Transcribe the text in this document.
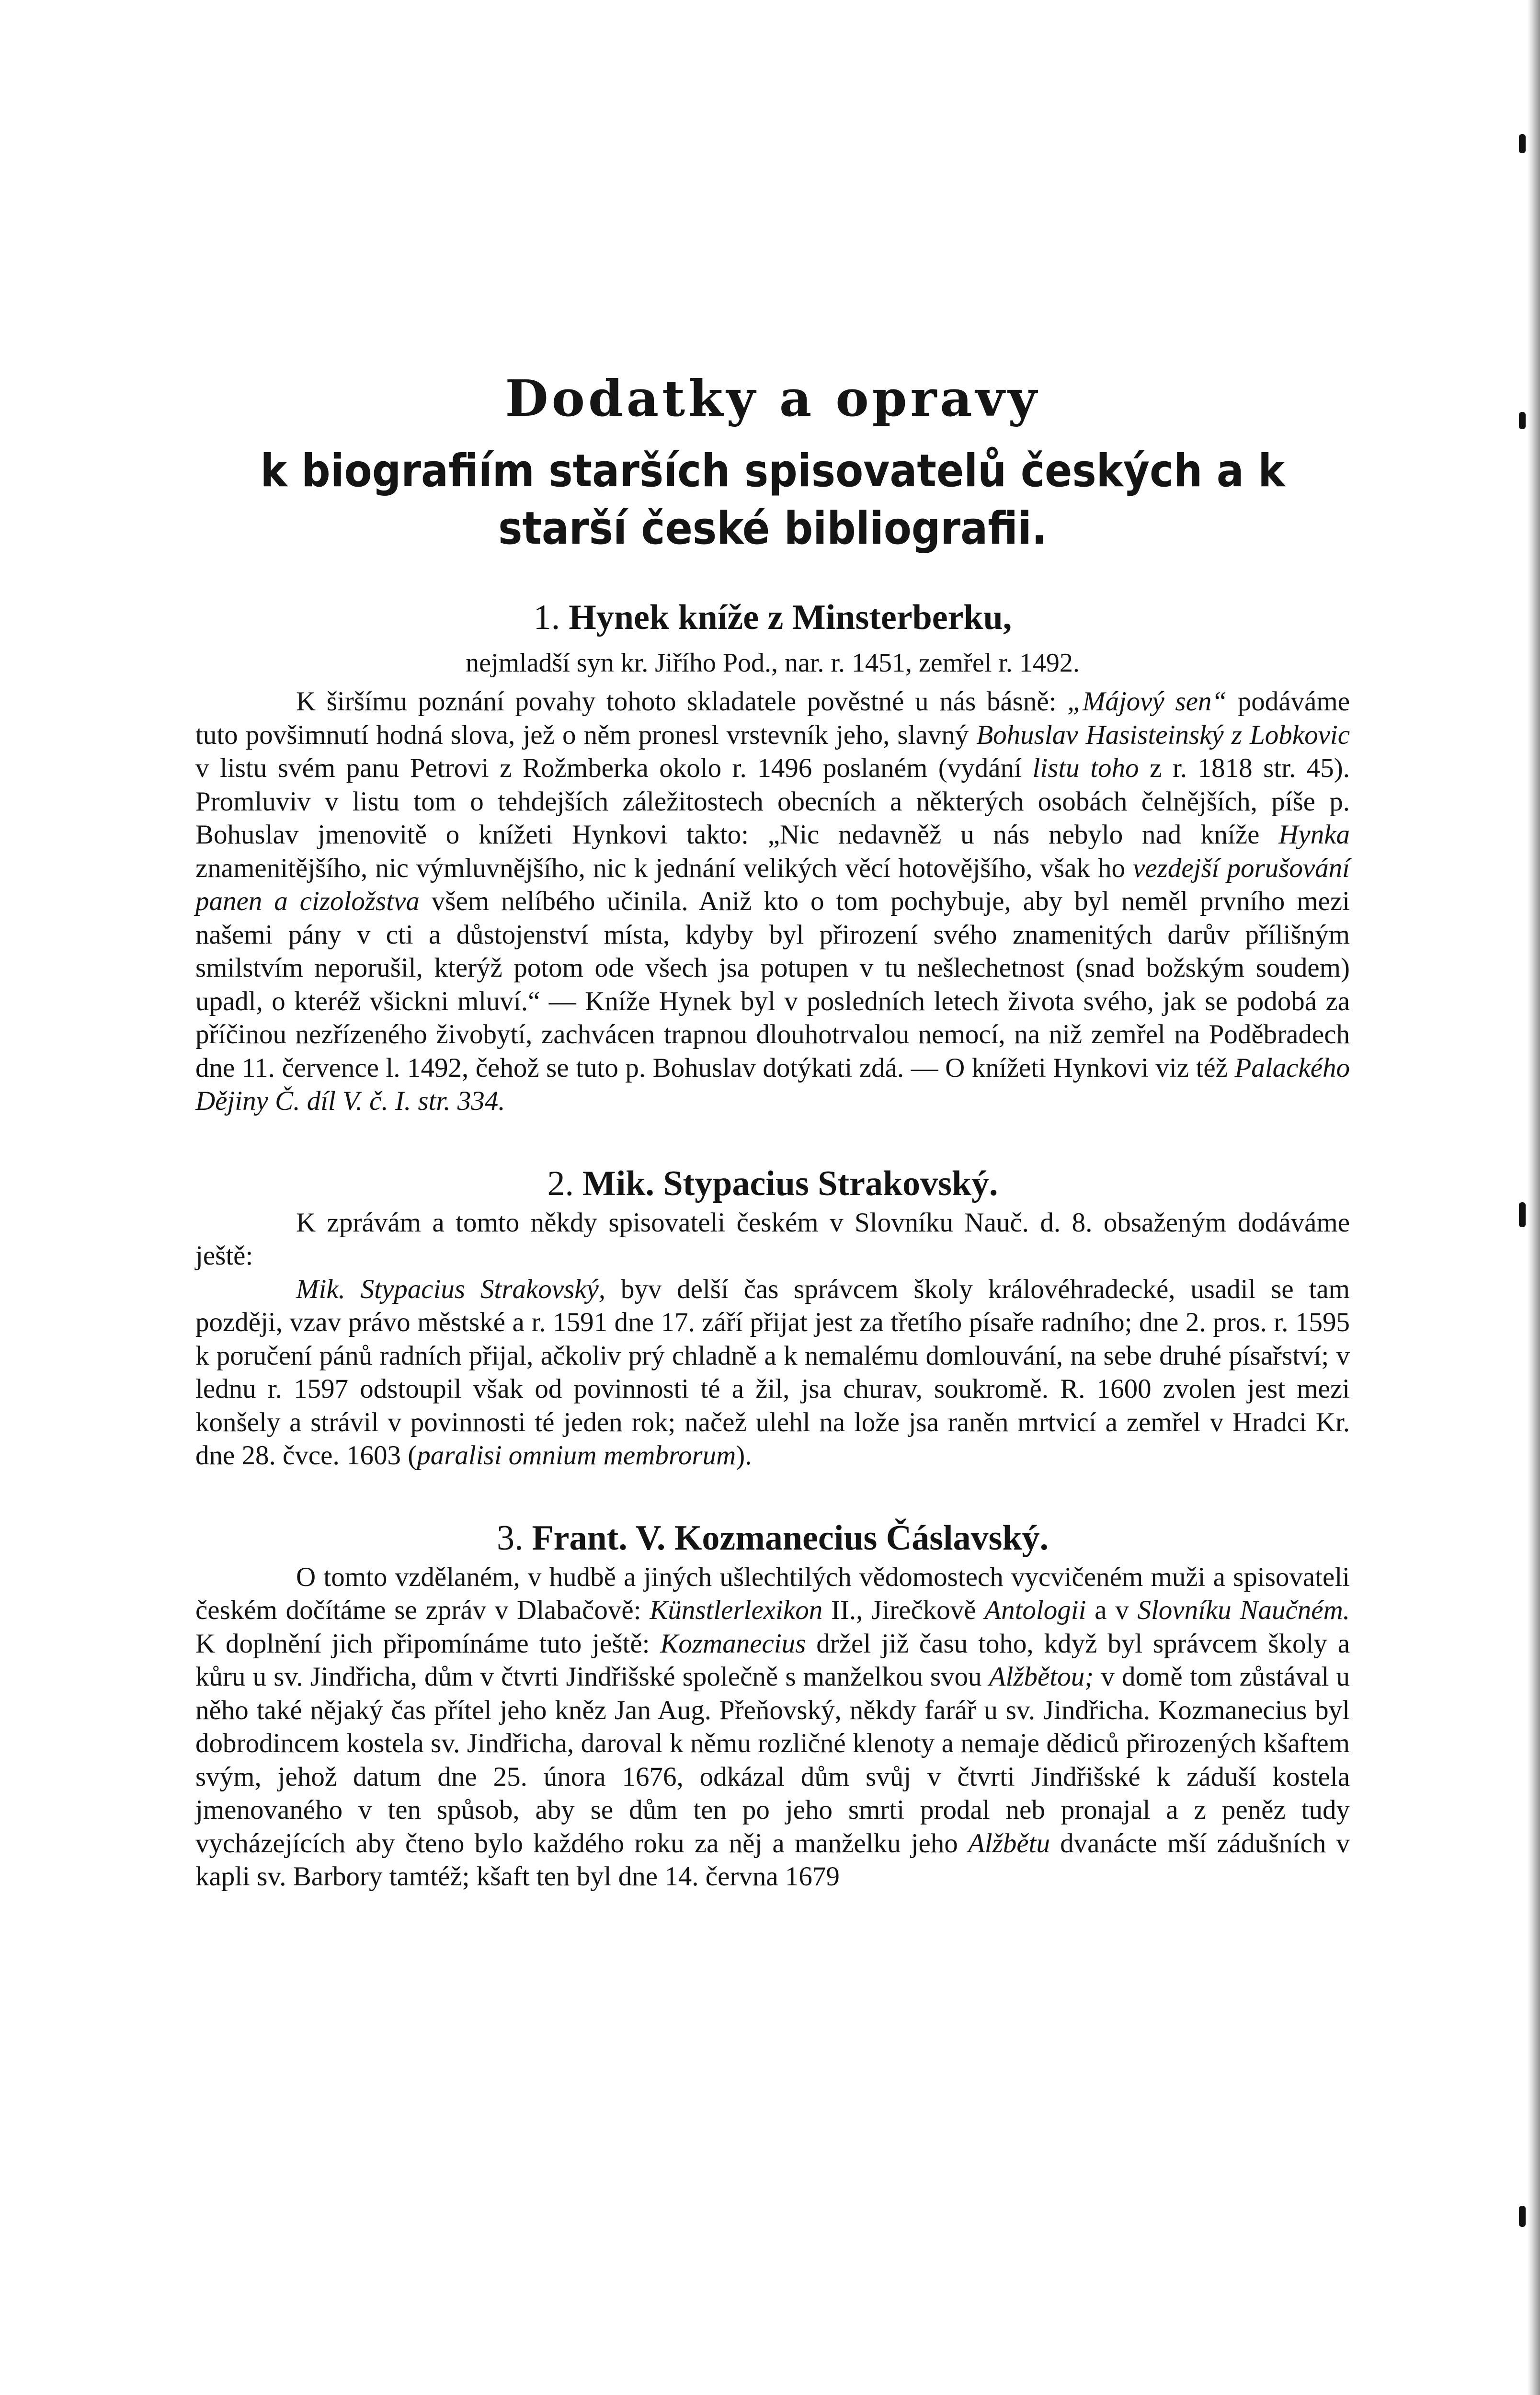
Dodatky a opravy
k biografiím starších spisovatelů českých a k starší české bibliografii.
1. Hynek kníže z Minsterberku,
nejmladší syn kr. Jiřího Pod., nar. r. 1451, zemřel r. 1492.

K širšímu poznání povahy tohoto skladatele pověstné u nás básně: „Májový sen“ podáváme tuto povšimnutí hodná slova, jež o něm pronesl vrstevník jeho, slavný Bohuslav Hasisteinský z Lobkovic v listu svém panu Petrovi z Rožmberka okolo r. 1496 poslaném (vydání listu toho z r. 1818 str. 45). Promluviv v listu tom o tehdejších záležitostech obecních a některých osobách čelnějších, píše p. Bohuslav jmenovitě o knížeti Hynkovi takto: „Nic nedavněž u nás nebylo nad kníže Hynka znamenitějšího, nic výmluvnějšího, nic k jednání velikých věcí hotovějšího, však ho vezdejší porušování panen a cizoložstva všem nelíbého učinila. Aniž kto o tom pochybuje, aby byl neměl prvního mezi našemi pány v cti a důstojenství místa, kdyby byl přirození svého znamenitých darův přílišným smilstvím neporušil, kterýž potom ode všech jsa potupen v tu nešlechetnost (snad božským soudem) upadl, o kteréž všickni mluví.“ — Kníže Hynek byl v posledních letech života svého, jak se podobá za příčinou nezřízeného živobytí, zachvácen trapnou dlouhotrvalou nemocí, na niž zemřel na Poděbradech dne 11. července l. 1492, čehož se tuto p. Bohuslav dotýkati zdá. — O knížeti Hynkovi viz též Palackého Dějiny Č. díl V. č. I. str. 334.

2. Mik. Stypacius Strakovský.

K zprávám a tomto někdy spisovateli českém v Slovníku Nauč. d. 8. obsaženým dodáváme ještě:

Mik. Stypacius Strakovský, byv delší čas správcem školy královéhradecké, usadil se tam později, vzav právo městské a r. 1591 dne 17. září přijat jest za třetího písaře radního; dne 2. pros. r. 1595 k poručení pánů radních přijal, ačkoliv prý chladně a k nemalému domlouvání, na sebe druhé písařství; v lednu r. 1597 odstoupil však od povinnosti té a žil, jsa churav, soukromě. R. 1600 zvolen jest mezi konšely a strávil v povinnosti té jeden rok; načež ulehl na lože jsa raněn mrtvicí a zemřel v Hradci Kr. dne 28. čvce. 1603 (paralisi omnium membrorum).

3. Frant. V. Kozmanecius Čáslavský.

O tomto vzdělaném, v hudbě a jiných ušlechtilých vědomostech vycvičeném muži a spisovateli českém dočítáme se zpráv v Dlabačově: Künstlerlexikon II., Jirečkově Antologii a v Slovníku Naučném. K doplnění jich připomínáme tuto ještě: Kozmanecius držel již času toho, když byl správcem školy a kůru u sv. Jindřicha, dům v čtvrti Jindřišské společně s manželkou svou Alžbětou; v domě tom zůstával u něho také nějaký čas přítel jeho kněz Jan Aug. Přeňovský, někdy farář u sv. Jindřicha. Kozmanecius byl dobrodincem kostela sv. Jindřicha, daroval k němu rozličné klenoty a nemaje dědiců přirozených kšaftem svým, jehož datum dne 25. února 1676, odkázal dům svůj v čtvrti Jindřišské k záduší kostela jmenovaného v ten spůsob, aby se dům ten po jeho smrti prodal neb pronajal a z peněz tudy vycházejících aby čteno bylo každého roku za něj a manželku jeho Alžbětu dvanácte mší zádušních v kapli sv. Barbory tamtéž; kšaft ten byl dne 14. června 1679
